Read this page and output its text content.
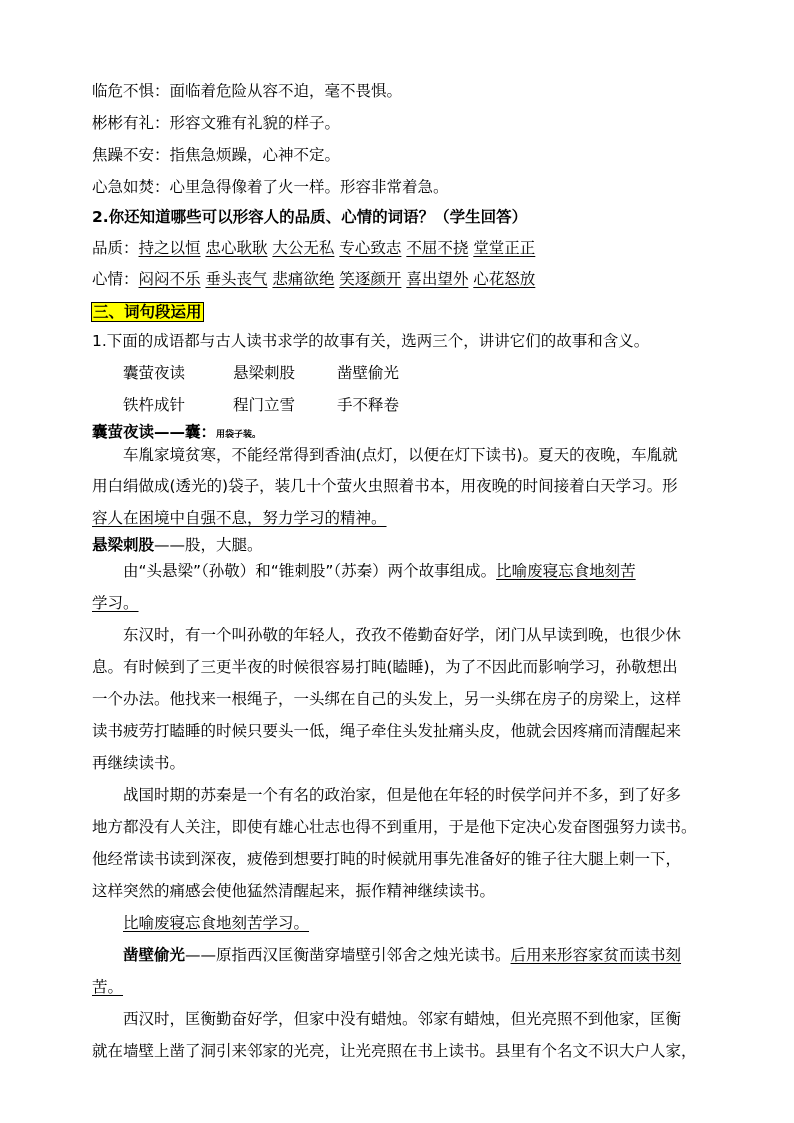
临危不惧：面临着危险从容不迫，毫不畏惧。
彬彬有礼：形容文雅有礼貌的样子。
焦躁不安：指焦急烦躁，心神不定。
心急如焚：心里急得像着了火一样。形容非常着急。
2.你还知道哪些可以形容人的品质、心情的词语？（学生回答）
品质：持之以恒 忠心耿耿 大公无私 专心致志 不屈不挠 堂堂正正
心情：闷闷不乐 垂头丧气 悲痛欲绝 笑逐颜开 喜出望外 心花怒放
三、词句段运用
1.下面的成语都与古人读书求学的故事有关，选两三个，讲讲它们的故事和含义。
囊萤夜读	悬梁刺股	凿壁偷光
铁杵成针	程门立雪	手不释卷
囊萤夜读——囊：用袋子装。
车胤家境贫寒，不能经常得到香油(点灯，以便在灯下读书)。夏天的夜晚，车胤就
用白绢做成(透光的)袋子，装几十个萤火虫照着书本，用夜晚的时间接着白天学习。形
容人在困境中自强不息，努力学习的精神。
悬梁刺股——股，大腿。
由“头悬梁”（孙敬）和“锥刺股”（苏秦）两个故事组成。比喻废寝忘食地刻苦
学习。
东汉时，有一个叫孙敬的年轻人，孜孜不倦勤奋好学，闭门从早读到晚，也很少休
息。有时候到了三更半夜的时候很容易打盹(瞌睡)，为了不因此而影响学习，孙敬想出
一个办法。他找来一根绳子，一头绑在自己的头发上，另一头绑在房子的房梁上，这样
读书疲劳打瞌睡的时候只要头一低，绳子牵住头发扯痛头皮，他就会因疼痛而清醒起来
再继续读书。
战国时期的苏秦是一个有名的政治家，但是他在年轻的时侯学问并不多，到了好多
地方都没有人关注，即使有雄心壮志也得不到重用，于是他下定决心发奋图强努力读书。
他经常读书读到深夜，疲倦到想要打盹的时候就用事先准备好的锥子往大腿上刺一下，
这样突然的痛感会使他猛然清醒起来，振作精神继续读书。
比喻废寝忘食地刻苦学习。
凿壁偷光——原指西汉匡衡凿穿墙壁引邻舍之烛光读书。后用来形容家贫而读书刻
苦。
西汉时，匡衡勤奋好学，但家中没有蜡烛。邻家有蜡烛，但光亮照不到他家，匡衡
就在墙壁上凿了洞引来邻家的光亮，让光亮照在书上读书。县里有个名文不识大户人家，
